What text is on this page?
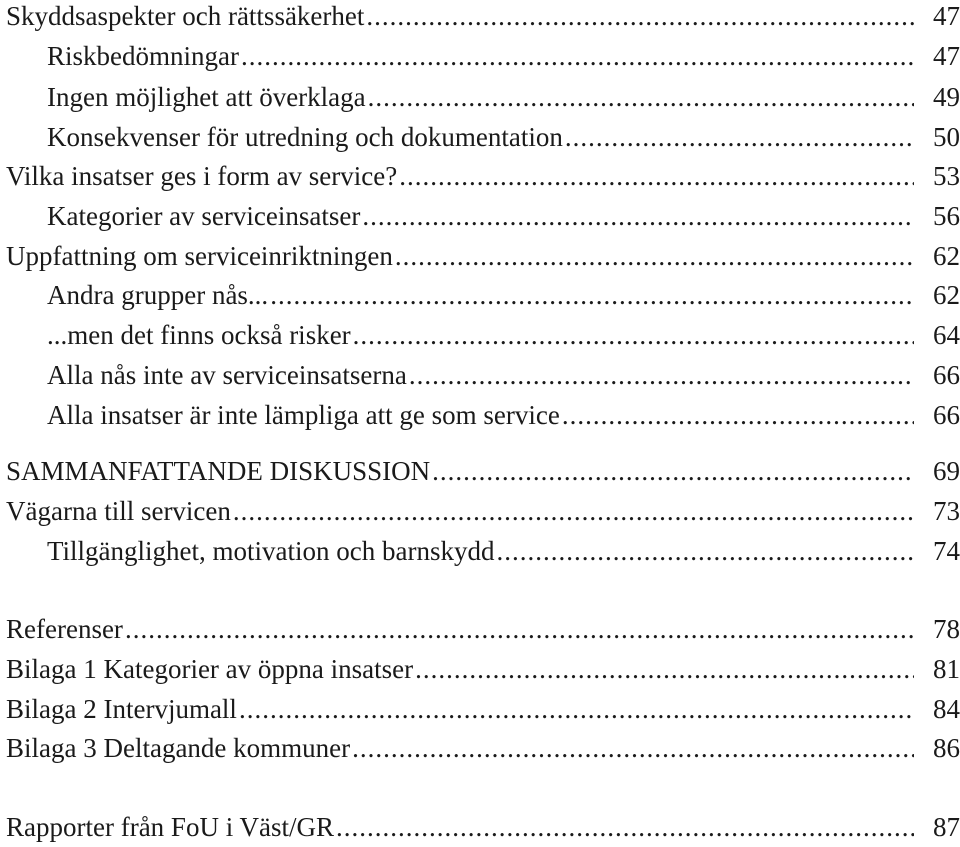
Skyddsaspekter och rättssäkerhet .....	47
Riskbedömningar .....	47
Ingen möjlighet att överklaga .....	49
Konsekvenser för utredning och dokumentation .....	50
Vilka insatser ges i form av service? .....	53
Kategorier av serviceinsatser .....	56
Uppfattning om serviceinriktningen .....	62
Andra grupper nås... .....	62
...men det finns också risker .....	64
Alla nås inte av serviceinsatserna .....	66
Alla insatser är inte lämpliga att ge som service .....	66
SAMMANFATTANDE DISKUSSION .....	69
Vägarna till servicen .....	73
Tillgänglighet, motivation och barnskydd .....	74
Referenser .....	78
Bilaga 1 Kategorier av öppna insatser .....	81
Bilaga 2 Intervjumall .....	84
Bilaga 3 Deltagande kommuner .....	86
Rapporter från FoU i Väst/GR .....	87
